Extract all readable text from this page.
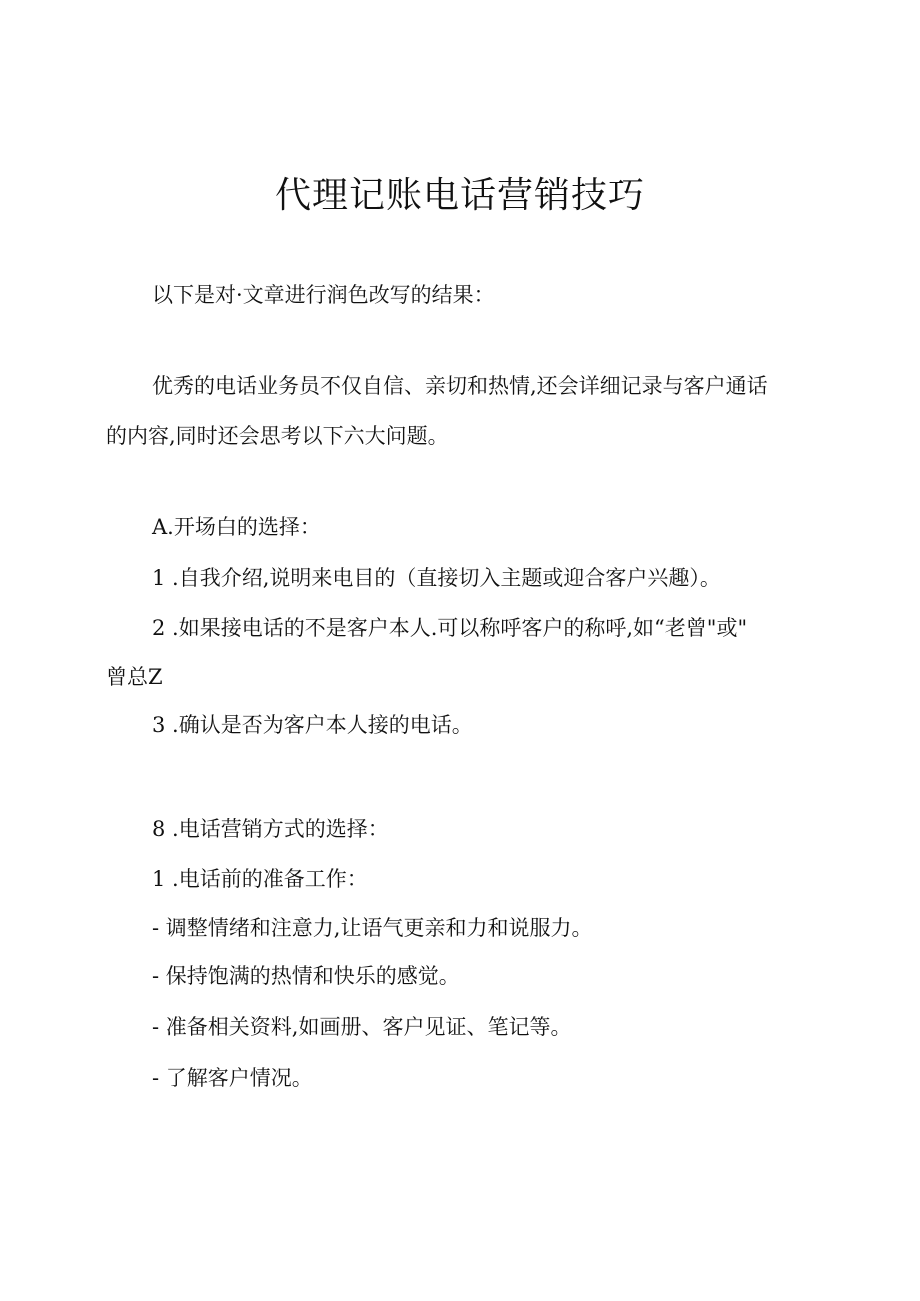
代理记账电话营销技巧

以下是对·文章进行润色改写的结果：

优秀的电话业务员不仅自信、亲切和热情,还会详细记录与客户通话

的内容,同时还会思考以下六大问题。

A.开场白的选择：

1 .自我介绍,说明来电目的（直接切入主题或迎合客户兴趣）。

2 .如果接电话的不是客户本人.可以称呼客户的称呼,如“老曾"或"

曾总Z

3 .确认是否为客户本人接的电话。

8 .电话营销方式的选择：

1 .电话前的准备工作：

- 调整情绪和注意力,让语气更亲和力和说服力。

- 保持饱满的热情和快乐的感觉。

- 准备相关资料,如画册、客户见证、笔记等。

- 了解客户情况。
